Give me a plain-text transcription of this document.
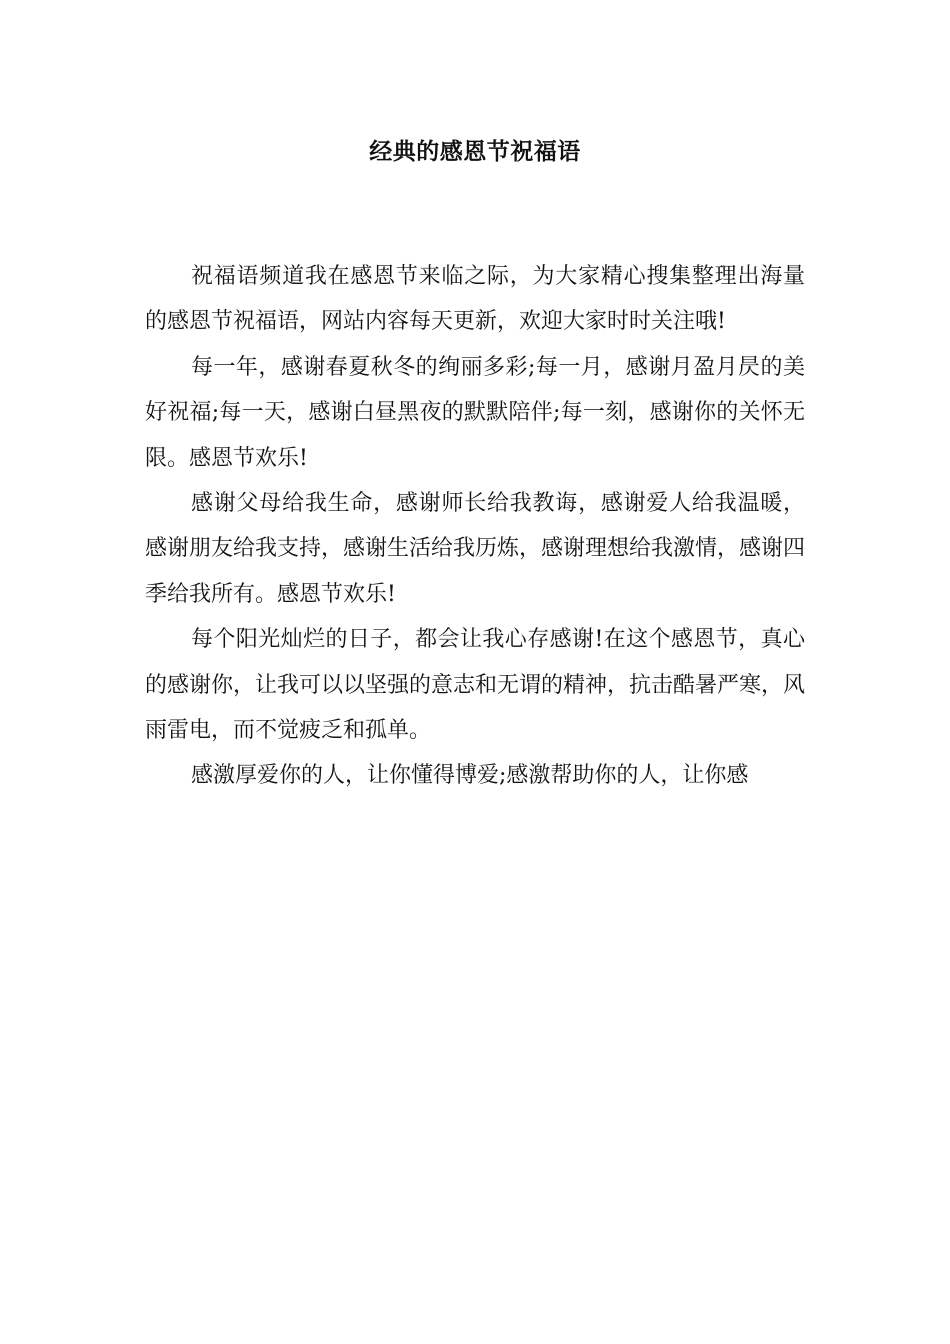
经典的感恩节祝福语

祝福语频道我在感恩节来临之际，为大家精心搜集整理出海量的感恩节祝福语，网站内容每天更新，欢迎大家时时关注哦!

每一年，感谢春夏秋冬的绚丽多彩;每一月，感谢月盈月昃的美好祝福;每一天，感谢白昼黑夜的默默陪伴;每一刻，感谢你的关怀无限。感恩节欢乐!

感谢父母给我生命，感谢师长给我教诲，感谢爱人给我温暖，感谢朋友给我支持，感谢生活给我历炼，感谢理想给我激情，感谢四季给我所有。感恩节欢乐!

每个阳光灿烂的日子，都会让我心存感谢!在这个感恩节，真心的感谢你，让我可以以坚强的意志和无谓的精神，抗击酷暑严寒，风雨雷电，而不觉疲乏和孤单。

感激厚爱你的人，让你懂得博爱;感激帮助你的人，让你感
